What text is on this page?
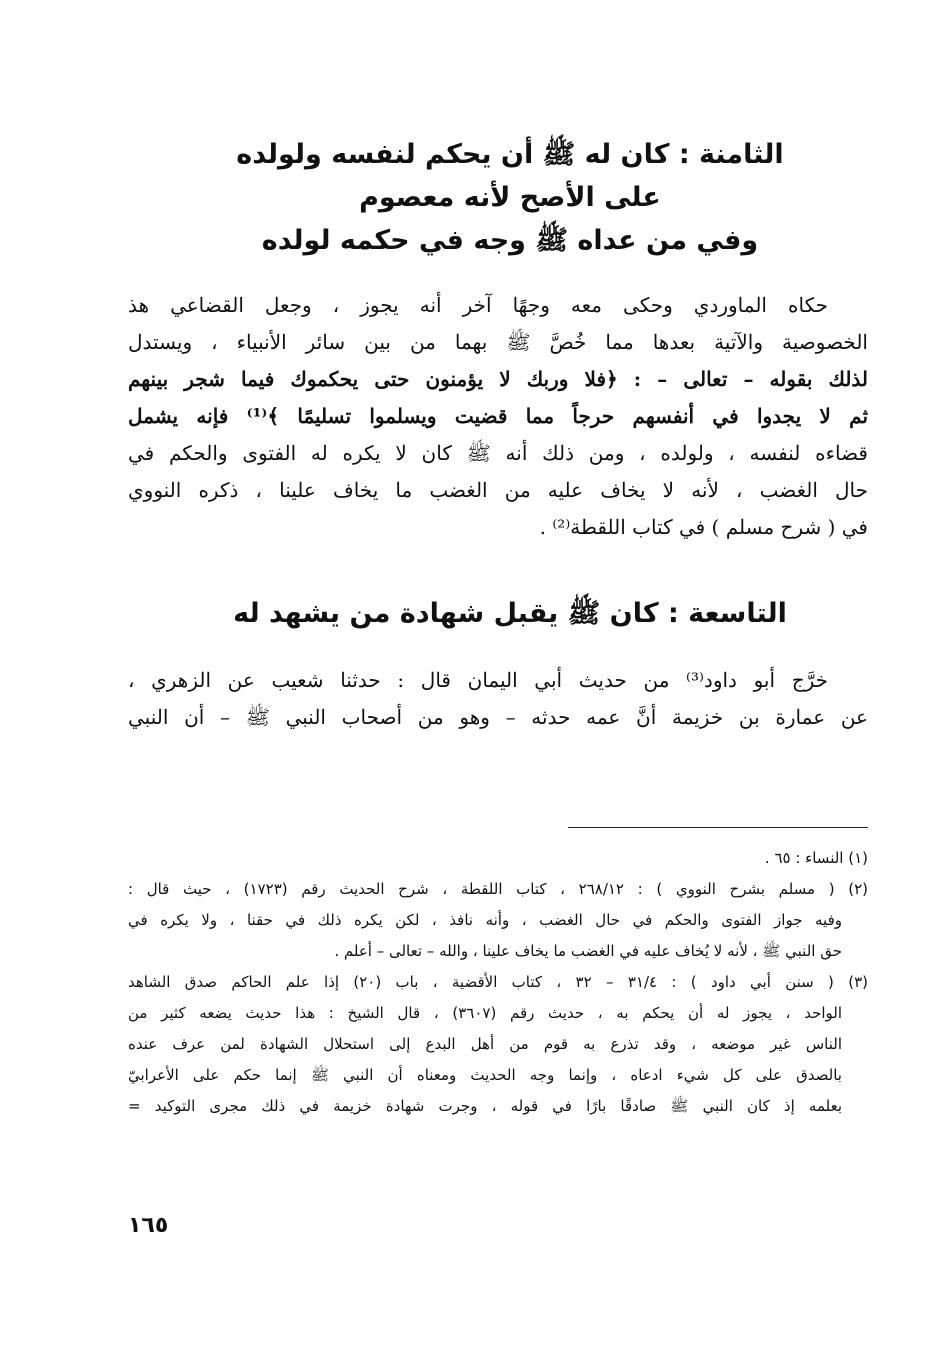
الثامنة : كان له ﷺ أن يحكم لنفسه ولولده
على الأصح لأنه معصوم
وفي من عداه ﷺ وجه في حكمه لولده
حكاه الماوردي وحكى معه وجهًا آخر أنه يجوز ، وجعل القضاعي هذ
الخصوصية والآتية بعدها مما خُصَّ ﷺ بهما من بين سائر الأنبياء ، ويستدل
لذلك بقوله – تعالى – : ﴿فلا وربك لا يؤمنون حتى يحكموك فيما شجر بينهم
ثم لا يجدوا في أنفسهم حرجاً مما قضيت ويسلموا تسليمًا ﴾⁽¹⁾ فإنه يشمل
قضاءه لنفسه ، ولولده ، ومن ذلك أنه ﷺ كان لا يكره له الفتوى والحكم في
حال الغضب ، لأنه لا يخاف عليه من الغضب ما يخاف علينا ، ذكره النووي
في ( شرح مسلم ) في كتاب اللقطة⁽²⁾ .
التاسعة : كان ﷺ يقبل شهادة من يشهد له
خرَّج أبو داود⁽³⁾ من حديث أبي اليمان قال : حدثنا شعيب عن الزهري ،
عن عمارة بن خزيمة أنَّ عمه حدثه – وهو من أصحاب النبي ﷺ – أن النبي
(١) النساء : ٦٥ .
(٢) ( مسلم بشرح النووي ) : ٢٦٨/١٢ ، كتاب اللقطة ، شرح الحديث رقم (١٧٢٣) ، حيث قال :
وفيه جواز الفتوى والحكم في حال الغضب ، وأنه نافذ ، لكن يكره ذلك في حقنا ، ولا يكره في
حق النبي ﷺ ، لأنه لا يُخاف عليه في الغضب ما يخاف علينا ، والله – تعالى – أعلم .
(٣) ( سنن أبي داود ) : ٣١/٤ – ٣٢ ، كتاب الأقضية ، باب (٢٠) إذا علم الحاكم صدق الشاهد
الواحد ، يجوز له أن يحكم به ، حديث رقم (٣٦٠٧) ، قال الشيخ : هذا حديث يضعه كثير من
الناس غير موضعه ، وقد تذرع به قوم من أهل البدع إلى استحلال الشهادة لمن عرف عنده
بالصدق على كل شيء ادعاه ، وإنما وجه الحديث ومعناه أن النبي ﷺ إنما حكم على الأعرابيّ
بعلمه إذ كان النبي ﷺ صادقًا بارًا في قوله ، وجرت شهادة خزيمة في ذلك مجرى التوكيد =
١٦٥
